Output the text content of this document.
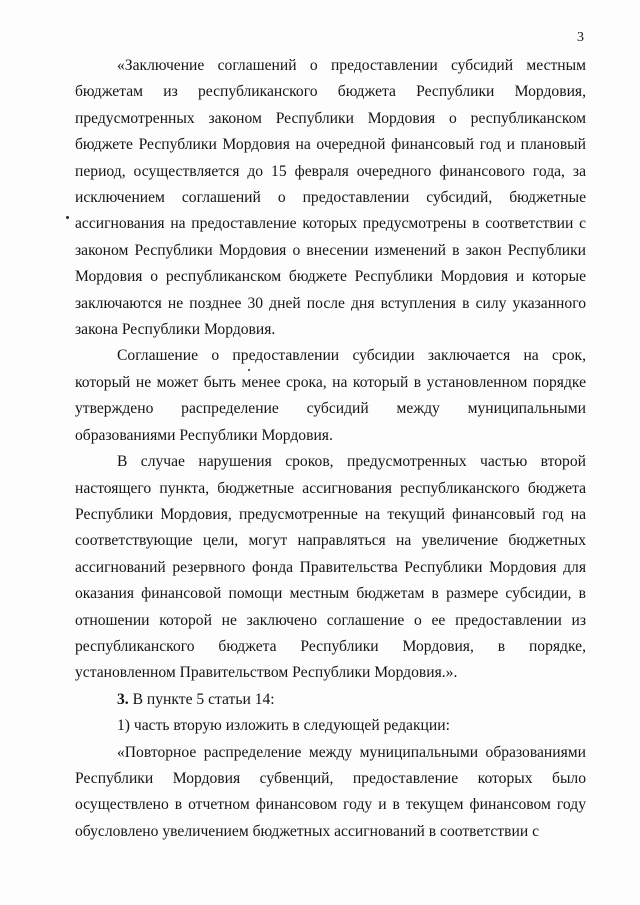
3

«Заключение соглашений о предоставлении субсидий местным бюджетам из республиканского бюджета Республики Мордовия, предусмотренных законом Республики Мордовия о республиканском бюджете Республики Мордовия на очередной финансовый год и плановый период, осуществляется до 15 февраля очередного финансового года, за исключением соглашений о предоставлении субсидий, бюджетные ассигнования на предоставление которых предусмотрены в соответствии с законом Республики Мордовия о внесении изменений в закон Республики Мордовия о республиканском бюджете Республики Мордовия и которые заключаются не позднее 30 дней после дня вступления в силу указанного закона Республики Мордовия.

Соглашение о предоставлении субсидии заключается на срок, который не может быть менее срока, на который в установленном порядке утверждено распределение субсидий между муниципальными образованиями Республики Мордовия.

В случае нарушения сроков, предусмотренных частью второй настоящего пункта, бюджетные ассигнования республиканского бюджета Республики Мордовия, предусмотренные на текущий финансовый год на соответствующие цели, могут направляться на увеличение бюджетных ассигнований резервного фонда Правительства Республики Мордовия для оказания финансовой помощи местным бюджетам в размере субсидии, в отношении которой не заключено соглашение о ее предоставлении из республиканского бюджета Республики Мордовия, в порядке, установленном Правительством Республики Мордовия.».

3. В пункте 5 статьи 14:

1) часть вторую изложить в следующей редакции:

«Повторное распределение между муниципальными образованиями Республики Мордовия субвенций, предоставление которых было осуществлено в отчетном финансовом году и в текущем финансовом году обусловлено увеличением бюджетных ассигнований в соответствии с
